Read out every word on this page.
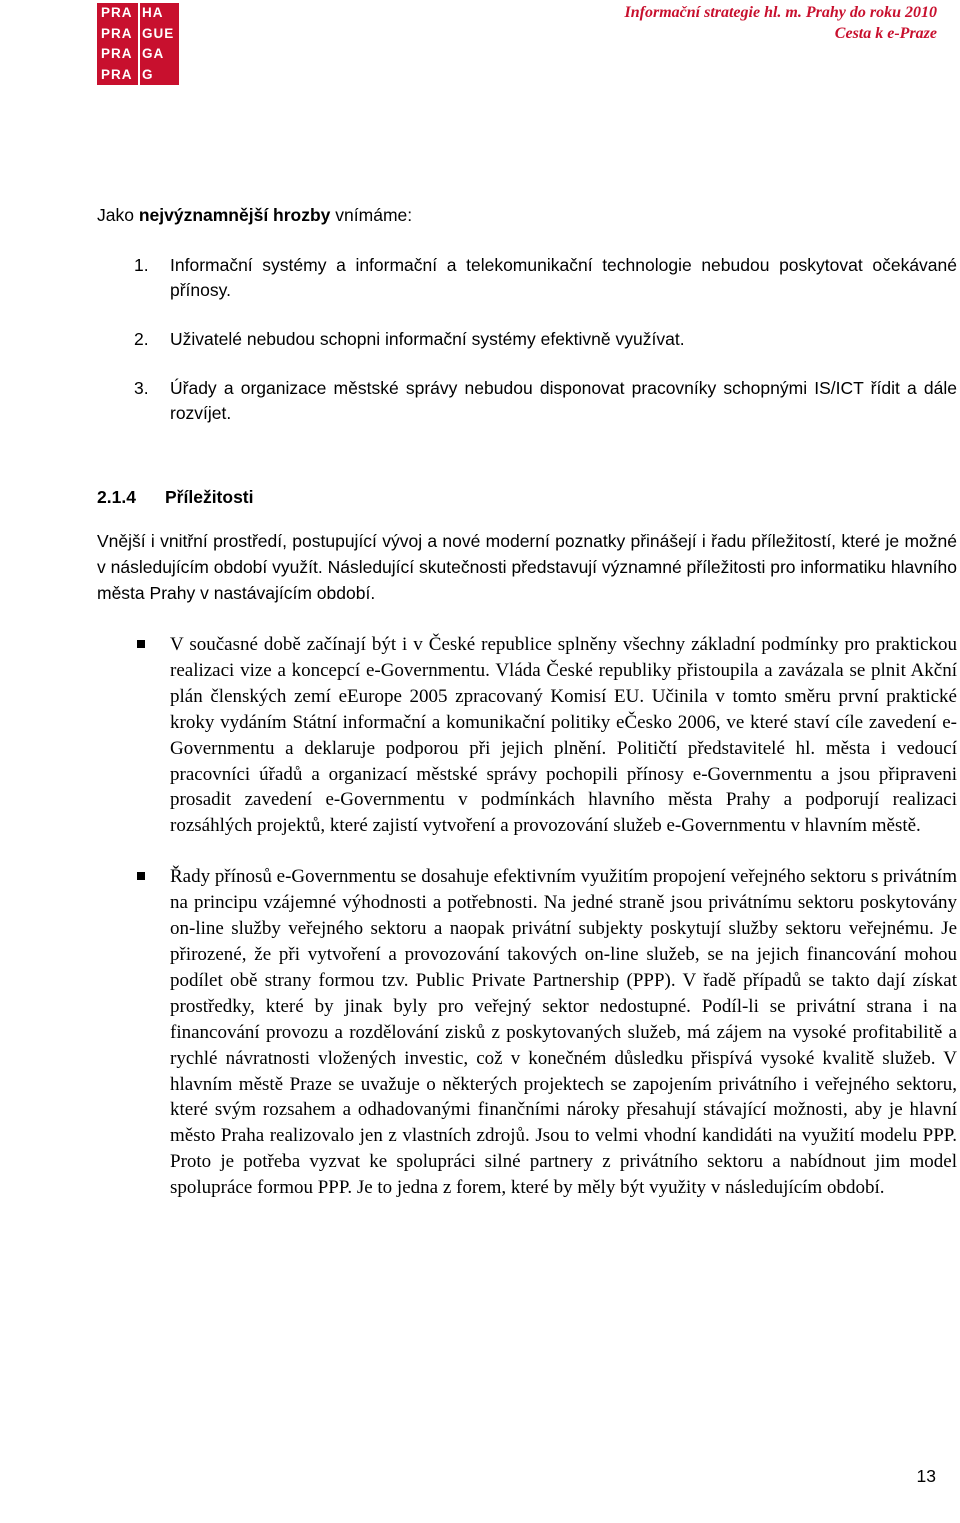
PRA HA
PRA GUE
PRA GA
PRA G
Informační strategie hl. m. Prahy do roku 2010
Cesta k e-Praze
Jako nejvýznamnější hrozby vnímáme:
1. Informační systémy a informační a telekomunikační technologie nebudou poskytovat očekávané přínosy.
2. Uživatelé nebudou schopni informační systémy efektivně využívat.
3. Úřady a organizace městské správy nebudou disponovat pracovníky schopnými IS/ICT řídit a dále rozvíjet.
2.1.4 Příležitosti
Vnější i vnitřní prostředí, postupující vývoj a nové moderní poznatky přinášejí i řadu příležitostí, které je možné v následujícím období využít. Následující skutečnosti představují významné příležitosti pro informatiku hlavního města Prahy v nastávajícím období.
V současné době začínají být i v České republice splněny všechny základní podmínky pro praktickou realizaci vize a koncepcí e-Governmentu. Vláda České republiky přistoupila a zavázala se plnit Akční plán členských zemí eEurope 2005 zpracovaný Komisí EU. Učinila v tomto směru první praktické kroky vydáním Státní informační a komunikační politiky eČesko 2006, ve které staví cíle zavedení e-Governmentu a deklaruje podporou při jejich plnění. Političtí představitelé hl. města i vedoucí pracovníci úřadů a organizací městské správy pochopili přínosy e-Governmentu a jsou připraveni prosadit zavedení e-Governmentu v podmínkách hlavního města Prahy a podporují realizaci rozsáhlých projektů, které zajistí vytvoření a provozování služeb e-Governmentu v hlavním městě.
Řady přínosů e-Governmentu se dosahuje efektivním využitím propojení veřejného sektoru s privátním na principu vzájemné výhodnosti a potřebnosti. Na jedné straně jsou privátnímu sektoru poskytovány on-line služby veřejného sektoru a naopak privátní subjekty poskytují služby sektoru veřejnému. Je přirozené, že při vytvoření a provozování takových on-line služeb, se na jejich financování mohou podílet obě strany formou tzv. Public Private Partnership (PPP). V řadě případů se takto dají získat prostředky, které by jinak byly pro veřejný sektor nedostupné. Podíl-li se privátní strana i na financování provozu a rozdělování zisků z poskytovaných služeb, má zájem na vysoké profitabilitě a rychlé návratnosti vložených investic, což v konečném důsledku přispívá vysoké kvalitě služeb. V hlavním městě Praze se uvažuje o některých projektech se zapojením privátního i veřejného sektoru, které svým rozsahem a odhadovanými finančními nároky přesahují stávající možnosti, aby je hlavní město Praha realizovalo jen z vlastních zdrojů. Jsou to velmi vhodní kandidáti na využití modelu PPP. Proto je potřeba vyzvat ke spolupráci silné partnery z privátního sektoru a nabídnout jim model spolupráce formou PPP. Je to jedna z forem, které by měly být využity v následujícím období.
13
